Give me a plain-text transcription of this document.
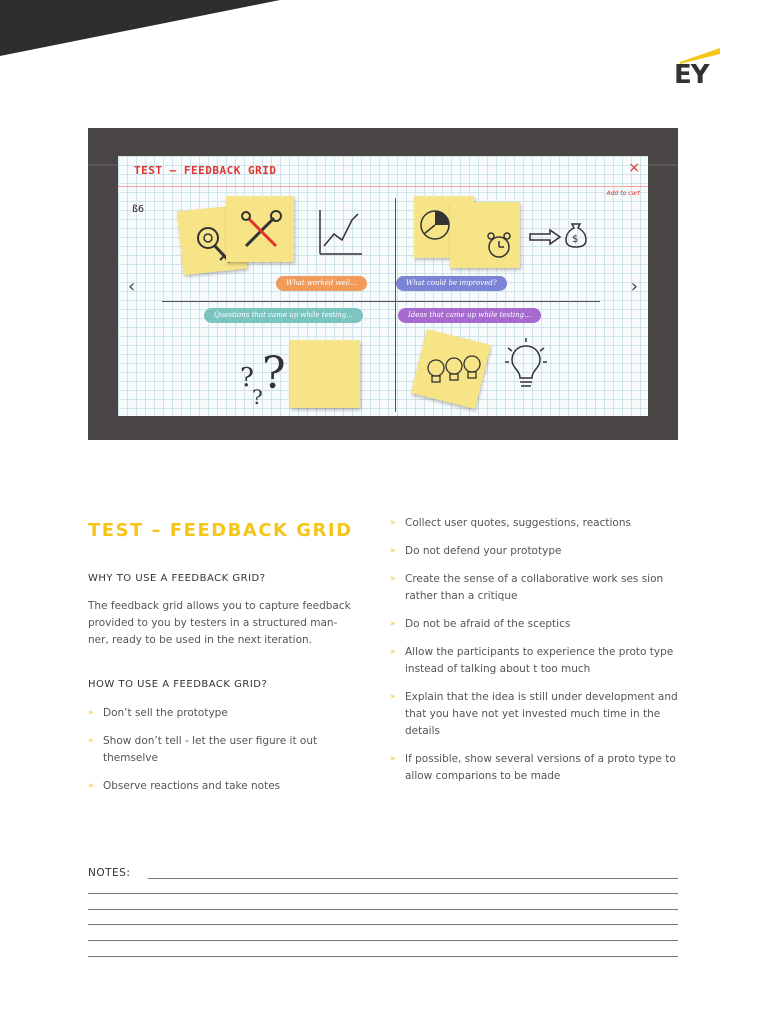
EY
TEST – FEEDBACK GRID	×
Add to cart
ß6
‹	›
$
What worked well...	What could be improved?
Questions that came up while testing...	Ideas that came up while testing...
?
? ?
TEST – FEEDBACK GRID
WHY TO USE A FEEDBACK GRID?
The feedback grid allows you to capture feedback provided to you by testers in a structured man-ner, ready to be used in the next iteration.
HOW TO USE A FEEDBACK GRID?
» Don’t sell the prototype
» Show don’t tell - let the user figure it out themselve
» Observe reactions and take notes
» Collect user quotes, suggestions, reactions
» Do not defend your prototype
» Create the sense of a collaborative work ses sion rather than a critique
» Do not be afraid of the sceptics
» Allow the participants to experience the proto type instead of talking about t too much
» Explain that the idea is still under development and that you have not yet invested much time in the details
» If possible, show several versions of a proto type to allow comparions to be made
NOTES:
